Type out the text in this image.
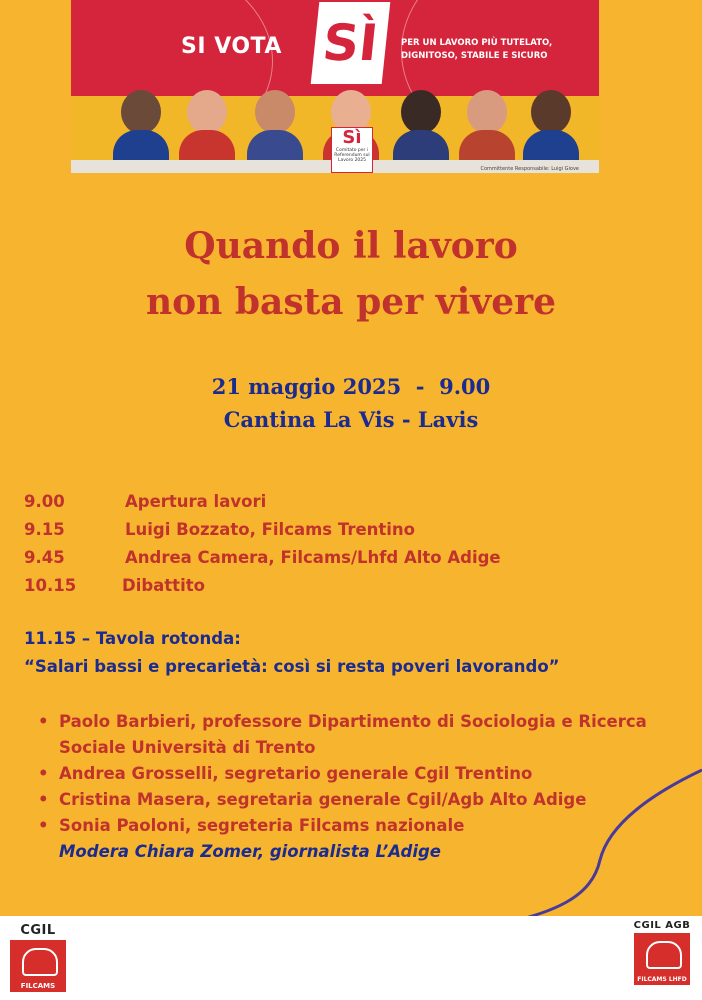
SI VOTA SÌ	PER UN LAVORO PIÙ TUTELATO, DIGNITOSO, STABILE E SICURO
Sì
Comitato per i Referendum sul Lavoro 2025
Committente Responsabile: Luigi Giove
Quando il lavoro
non basta per vivere
21 maggio 2025  -  9.00
Cantina La Vis - Lavis
9.00	Apertura lavori
9.15	Luigi Bozzato, Filcams Trentino
9.45	Andrea Camera, Filcams/Lhfd Alto Adige
10.15	Dibattito
11.15 – Tavola rotonda:
“Salari bassi e precarietà: così si resta poveri lavorando”
• Paolo Barbieri, professore Dipartimento di Sociologia e Ricerca
Sociale Università di Trento
• Andrea Grosselli, segretario generale Cgil Trentino
• Cristina Masera, segretaria generale Cgil/Agb Alto Adige
• Sonia Paoloni, segreteria Filcams nazionale
Modera Chiara Zomer, giornalista L’Adige
CGIL
FILCAMS
CGIL AGB
FILCAMS LHFD
